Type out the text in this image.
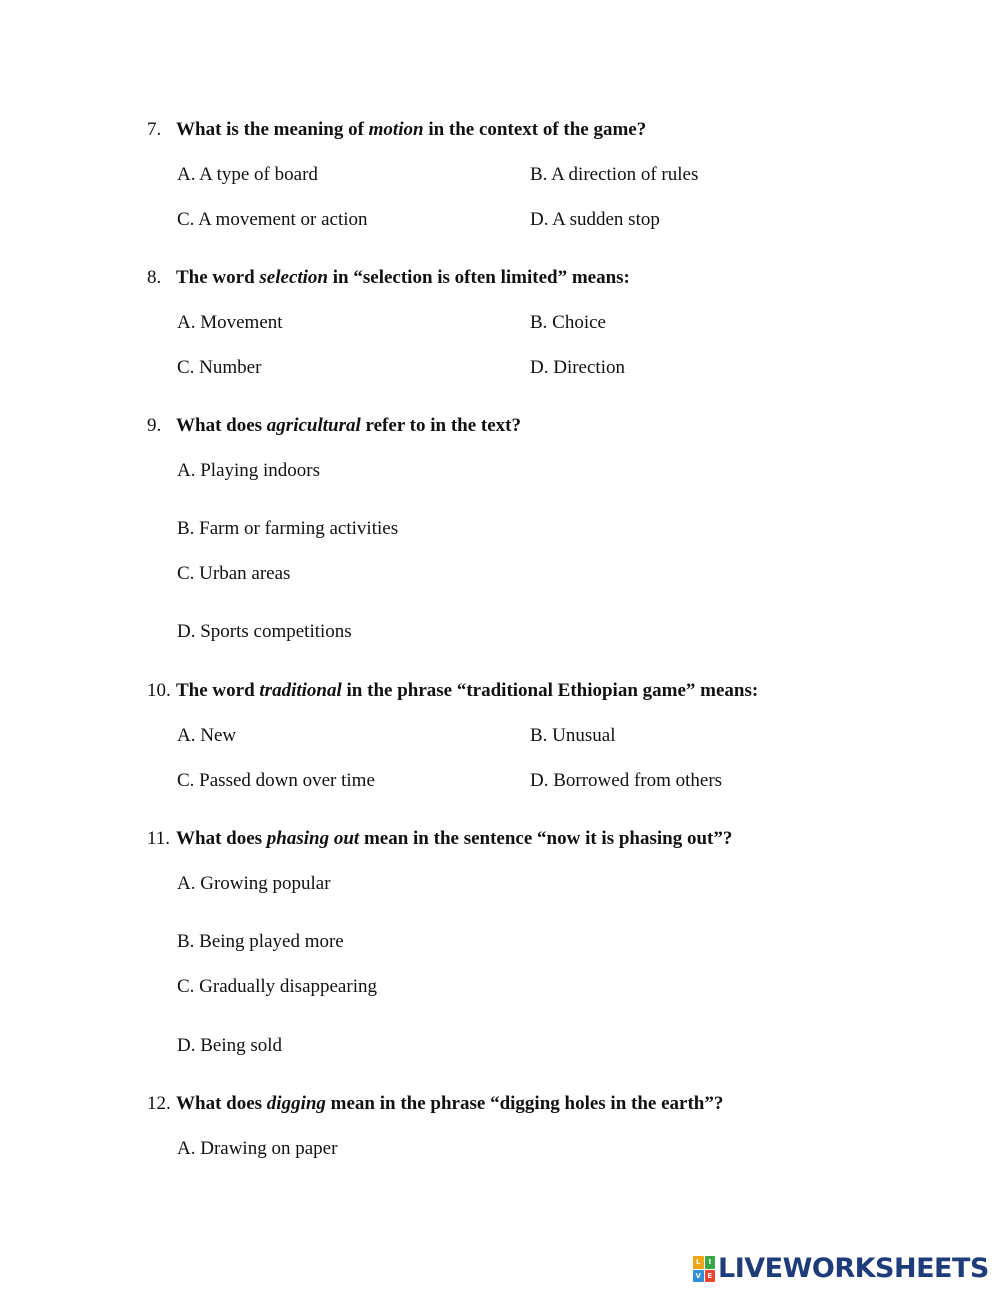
7. What is the meaning of motion in the context of the game?
A. A type of board	B. A direction of rules
C. A movement or action	D. A sudden stop
8. The word selection in “selection is often limited” means:
A. Movement	B. Choice
C. Number	D. Direction
9. What does agricultural refer to in the text?
A. Playing indoors
B. Farm or farming activities
C. Urban areas
D. Sports competitions
10. The word traditional in the phrase “traditional Ethiopian game” means:
A. New	B. Unusual
C. Passed down over time	D. Borrowed from others
11. What does phasing out mean in the sentence “now it is phasing out”?
A. Growing popular
B. Being played more
C. Gradually disappearing
D. Being sold
12. What does digging mean in the phrase “digging holes in the earth”?
A. Drawing on paper
L	I
V E LIVEWORKSHEETS
